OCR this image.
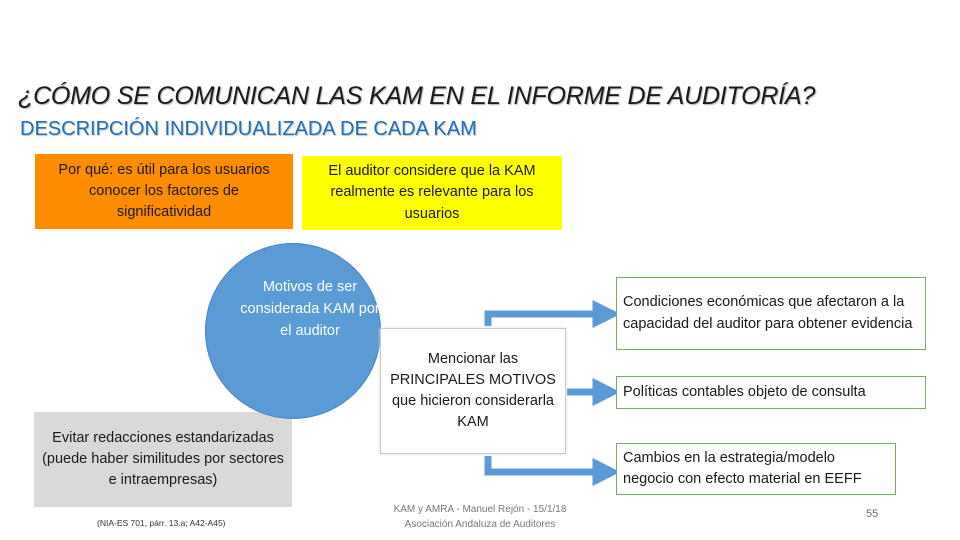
¿CÓMO SE COMUNICAN LAS KAM EN EL INFORME DE AUDITORÍA?
DESCRIPCIÓN INDIVIDUALIZADA DE CADA KAM
Por qué: es útil para los usuarios conocer los factores de significatividad
El auditor considere que la KAM realmente es relevante para los usuarios
Evitar redacciones estandarizadas (puede haber similitudes por sectores e intraempresas)
Motivos de ser considerada KAM por el auditor
(NIA-ES 701, párr. 13.a; A42-A45)
Mencionar las PRINCIPALES MOTIVOS que hicieron considerarla KAM
Condiciones económicas que afectaron a la capacidad del auditor para obtener evidencia
Políticas contables objeto de consulta
Cambios en la estrategia/modelo negocio con efecto material en EEFF
KAM y AMRA - Manuel Rejón - 15/1/18
Asociación Andaluza de Auditores
55
